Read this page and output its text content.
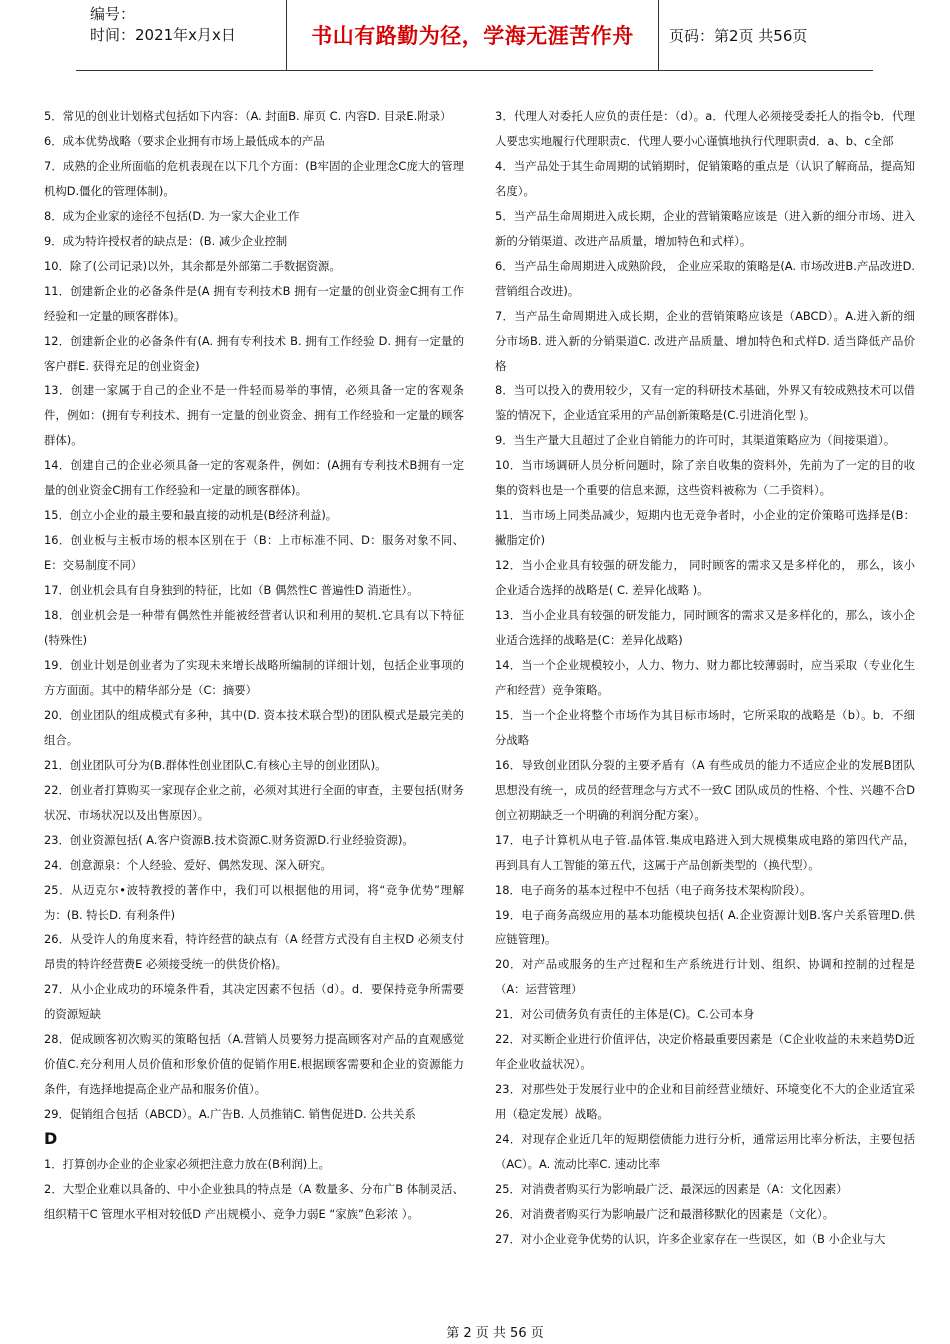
编号：
时间：2021年x月x日	书山有路勤为径，学海无涯苦作舟	页码：第2页 共56页

5．常见的创业计划格式包括如下内容：（A. 封面B. 扉页 C. 内容D. 目录E.附录）

6．成本优势战略（要求企业拥有市场上最低成本的产品

7．成熟的企业所面临的危机表现在以下几个方面：(B牢固的企业理念C庞大的管理机构D.僵化的管理体制)。

8．成为企业家的途径不包括(D. 为一家大企业工作

9．成为特许授权者的缺点是：(B. 减少企业控制

10．除了(公司记录)以外，其余都是外部第二手数据资源。

11．创建新企业的必备条件是(A 拥有专利技术B 拥有一定量的创业资金C拥有工作经验和一定量的顾客群体)。

12．创建新企业的必备条件有(A. 拥有专利技术 B. 拥有工作经验 D. 拥有一定量的客户群E. 获得充足的创业资金)

13．创建一家属于自己的企业不是一件轻而易举的事情，必须具备一定的客观条件，例如：(拥有专利技术、拥有一定量的创业资金、拥有工作经验和一定量的顾客群体)。

14．创建自己的企业必须具备一定的客观条件，例如：(A拥有专利技术B拥有一定量的创业资金C拥有工作经验和一定量的顾客群体)。

15．创立小企业的最主要和最直接的动机是(B经济利益)。

16．创业板与主板市场的根本区别在于（B：上市标准不同、D：服务对象不同、E：交易制度不同）

17．创业机会具有自身独到的特征，比如（B 偶然性C 普遍性D 消逝性）。

18．创业机会是一种带有偶然性并能被经营者认识和利用的契机.它具有以下特征(特殊性)

19．创业计划是创业者为了实现未来增长战略所编制的详细计划，包括企业事项的方方面面。其中的精华部分是（C：摘要）

20．创业团队的组成模式有多种，其中(D. 资本技术联合型)的团队模式是最完美的组合。

21．创业团队可分为(B.群体性创业团队C.有核心主导的创业团队)。

22．创业者打算购买一家现存企业之前，必须对其进行全面的审查，主要包括(财务状况、市场状况以及出售原因）。

23．创业资源包括( A.客户资源B.技术资源C.财务资源D.行业经验资源)。

24．创意源泉：个人经验、爱好、偶然发现、深入研究。

25．从迈克尔•波特教授的著作中，我们可以根据他的用词，将“竞争优势”理解为：(B. 特长D. 有利条件)

26．从受许人的角度来看，特许经营的缺点有（A 经营方式没有自主权D 必须支付昂贵的特许经营费E 必须接受统一的供货价格)。

27．从小企业成功的环境条件看，其决定因素不包括（d）。d．要保持竞争所需要的资源短缺

28．促成顾客初次购买的策略包括（A.营销人员要努力提高顾客对产品的直观感觉价值C.充分利用人员价值和形象价值的促销作用E.根据顾客需要和企业的资源能力条件，有选择地提高企业产品和服务价值）。

29．促销组合包括（ABCD）。A.广告B. 人员推销C. 销售促进D. 公共关系

D

1．打算创办企业的企业家必须把注意力放在(B利润)上。

2．大型企业难以具备的、中小企业独具的特点是（A 数量多、分布广B 体制灵活、组织精干C 管理水平相对较低D 产出规模小、竞争力弱E “家族”色彩浓 ）。

3．代理人对委托人应负的责任是：（d）。a．代理人必须接受委托人的指令b．代理人要忠实地履行代理职责c．代理人要小心谨慎地执行代理职责d．a、b、c全部

4．当产品处于其生命周期的试销期时，促销策略的重点是（认识了解商品，提高知名度）。

5．当产品生命周期进入成长期，企业的营销策略应该是（进入新的细分市场、进入新的分销渠道、改进产品质量，增加特色和式样）。

6．当产品生命周期进入成熟阶段， 企业应采取的策略是(A. 市场改进B.产品改进D.营销组合改进)。

7．当产品生命周期进入成长期，企业的营销策略应该是（ABCD）。A.进入新的细分市场B. 进入新的分销渠道C. 改进产品质量、增加特色和式样D. 适当降低产品价格

8．当可以投入的费用较少，又有一定的科研技术基础，外界又有较成熟技术可以借鉴的情况下，企业适宜采用的产品创新策略是(C.引进消化型 )。

9．当生产量大且超过了企业自销能力的许可时，其渠道策略应为（间接渠道）。

10．当市场调研人员分析问题时，除了亲自收集的资料外，先前为了一定的目的收集的资料也是一个重要的信息来源，这些资料被称为（二手资料）。

11．当市场上同类品减少，短期内也无竞争者时，小企业的定价策略可选择是(B：撇脂定价)

12．当小企业具有较强的研发能力， 同时顾客的需求又是多样化的， 那么，该小企业适合选择的战略是( C. 差异化战略 )。

13．当小企业具有较强的研发能力，同时顾客的需求又是多样化的，那么，该小企业适合选择的战略是(C：差异化战略)

14．当一个企业规模较小，人力、物力、财力都比较薄弱时，应当采取（专业化生产和经营）竞争策略。

15．当一个企业将整个市场作为其目标市场时，它所采取的战略是（b）。b．不细分战略

16．导致创业团队分裂的主要矛盾有（A 有些成员的能力不适应企业的发展B团队思想没有统一，成员的经营理念与方式不一致C 团队成员的性格、个性、兴趣不合D 创立初期缺乏一个明确的利润分配方案）。

17．电子计算机从电子管.晶体管.集成电路进入到大规模集成电路的第四代产品，再到具有人工智能的第五代，这属于产品创新类型的（换代型）。

18．电子商务的基本过程中不包括（电子商务技术架构阶段）。

19．电子商务高级应用的基本功能模块包括( A.企业资源计划B.客户关系管理D.供应链管理)。

20．对产品或服务的生产过程和生产系统进行计划、组织、协调和控制的过程是（A：运营管理）

21．对公司债务负有责任的主体是(C)。C.公司本身

22．对买断企业进行价值评估，决定价格最重要因素是（C企业收益的未来趋势D近年企业收益状况）。

23．对那些处于发展行业中的企业和目前经营业绩好、环境变化不大的企业适宜采用（稳定发展）战略。

24．对现存企业近几年的短期偿债能力进行分析，通常运用比率分析法，主要包括（AC）。A. 流动比率C. 速动比率

25．对消费者购买行为影响最广泛、最深远的因素是（A：文化因素）

26．对消费者购买行为影响最广泛和最潜移默化的因素是（文化）。

27．对小企业竞争优势的认识，许多企业家存在一些误区，如（B 小企业与大

第 2 页 共 56 页
